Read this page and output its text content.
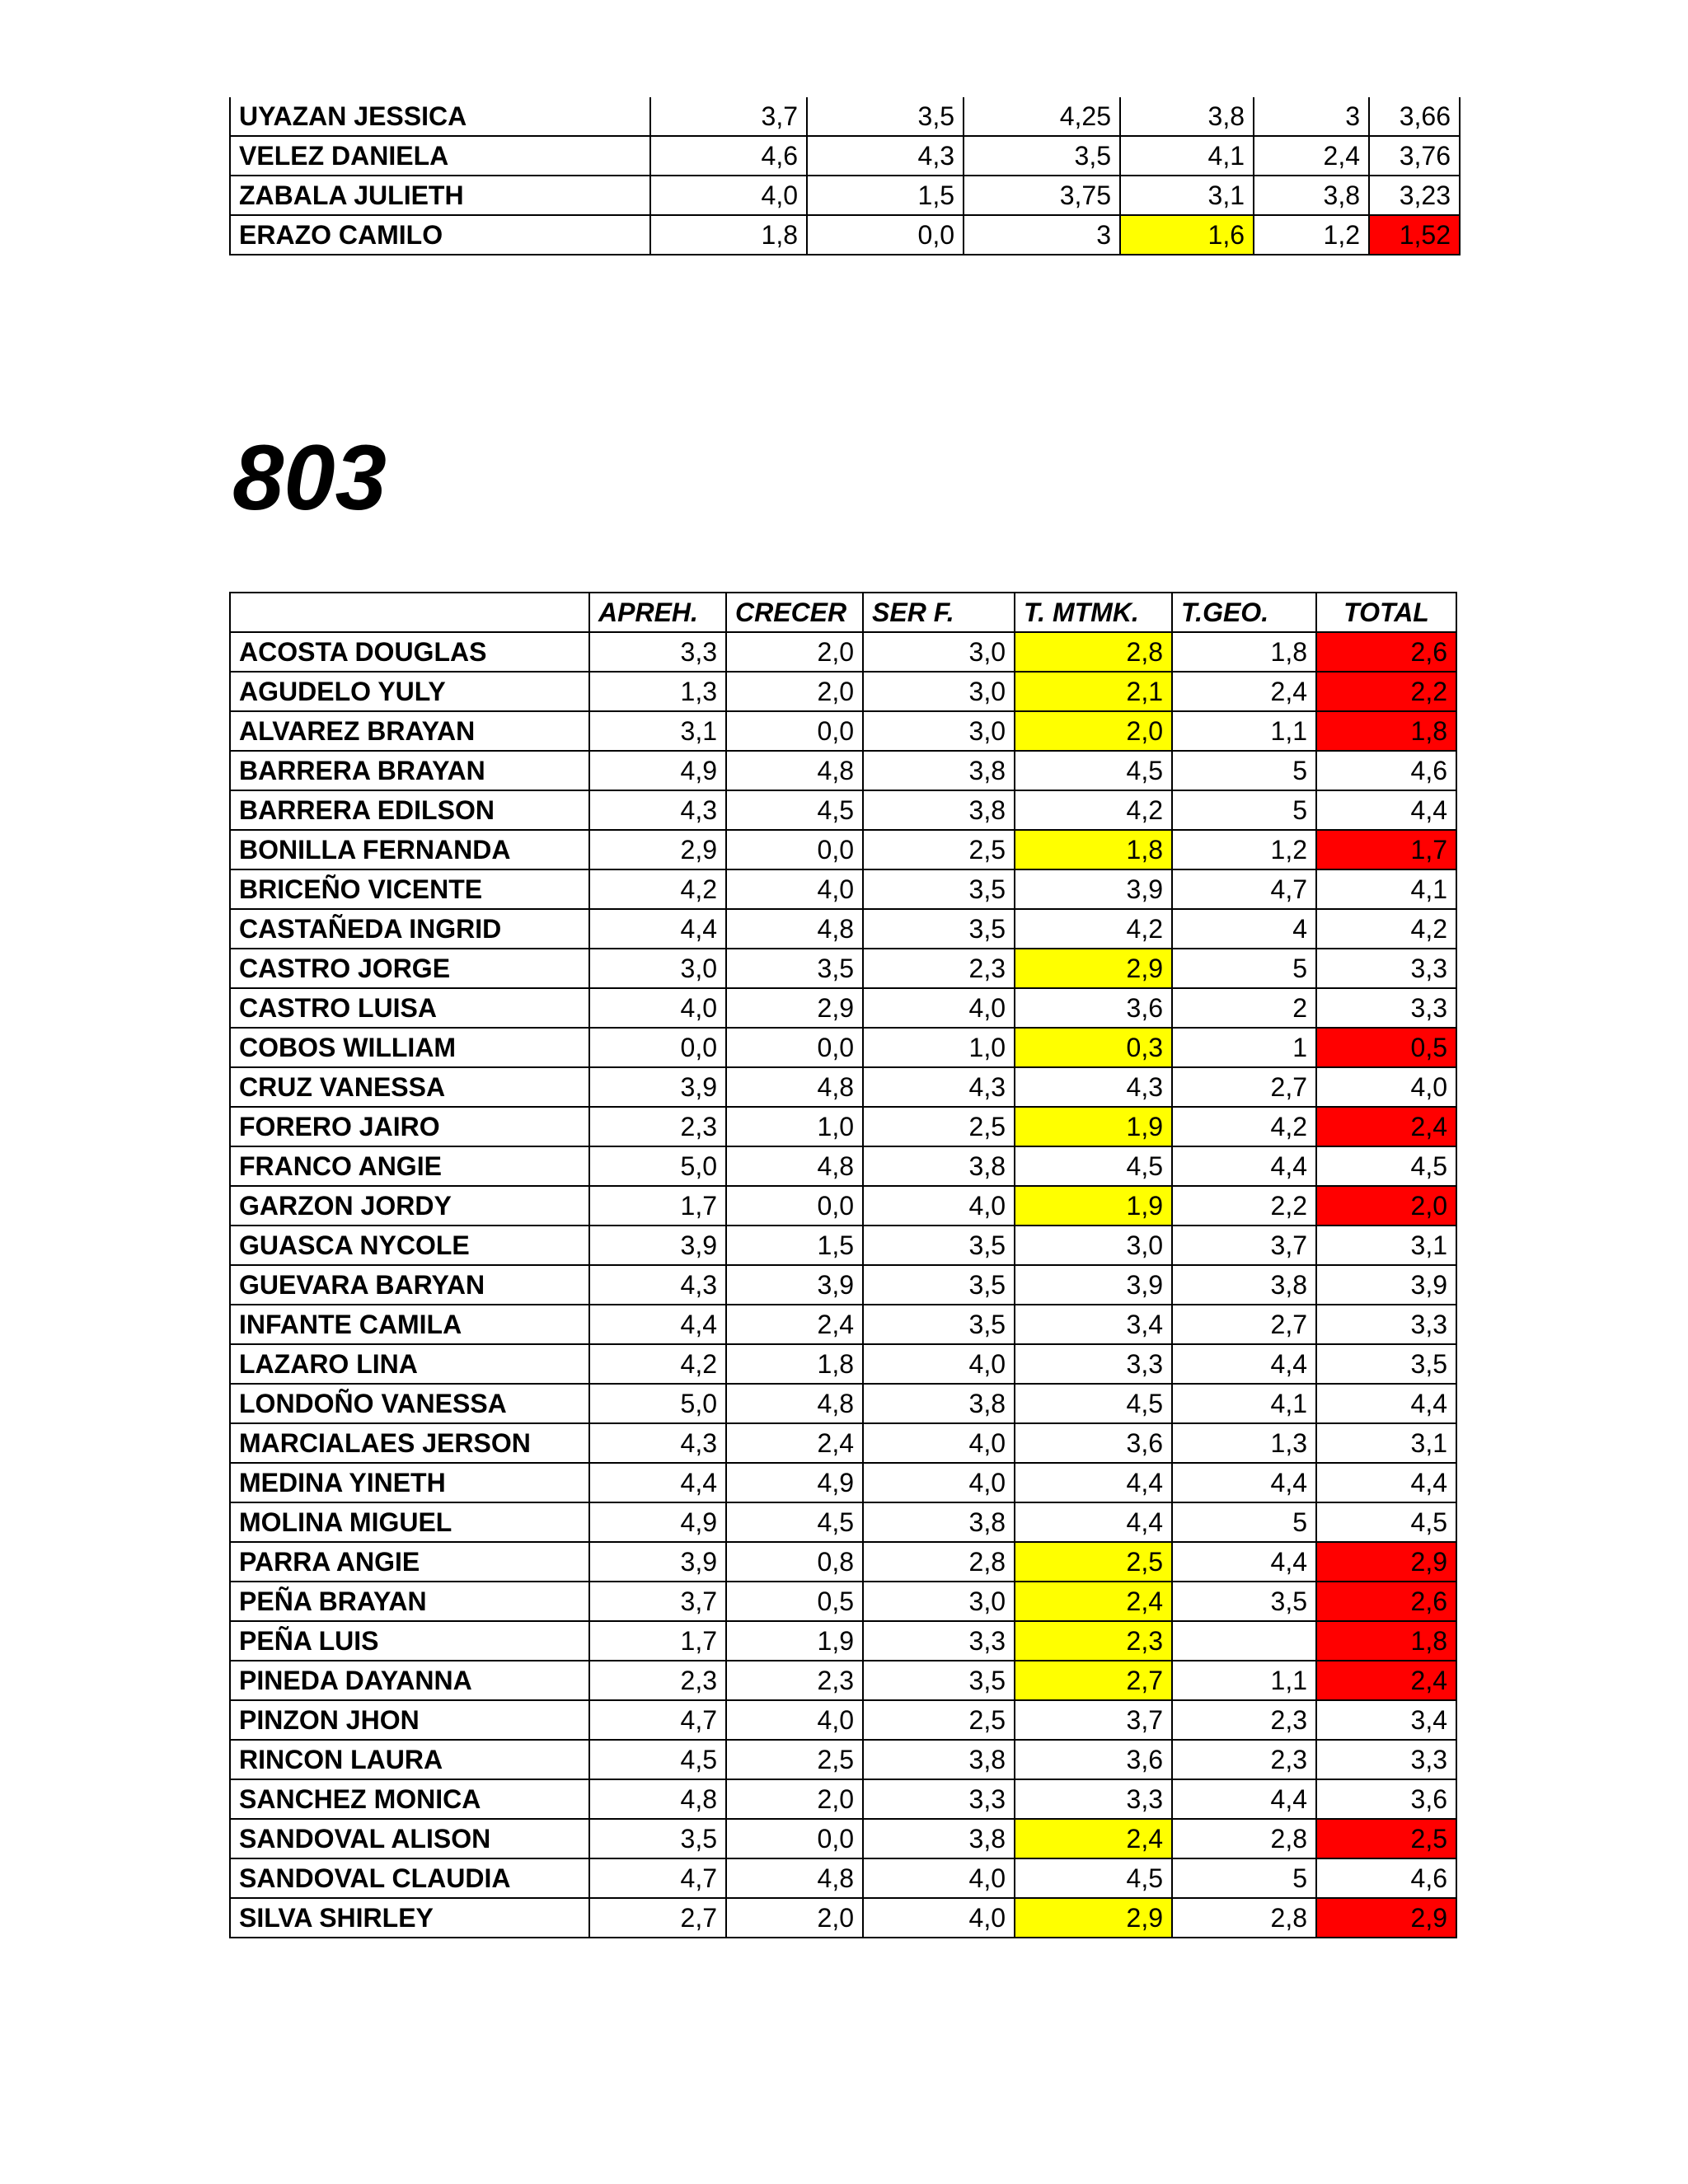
UYAZAN JESSICA	3,7	3,5	4,25	3,8	3	3,66
VELEZ DANIELA	4,6	4,3	3,5	4,1	2,4	3,76
ZABALA JULIETH	4,0	1,5	3,75	3,1	3,8	3,23
ERAZO CAMILO	1,8	0,0	3	1,6	1,2	1,52
803
	APREH.	CRECER	SER F.	T. MTMK.	T.GEO.	TOTAL
ACOSTA DOUGLAS	3,3	2,0	3,0	2,8	1,8	2,6
AGUDELO YULY	1,3	2,0	3,0	2,1	2,4	2,2
ALVAREZ BRAYAN	3,1	0,0	3,0	2,0	1,1	1,8
BARRERA BRAYAN	4,9	4,8	3,8	4,5	5	4,6
BARRERA EDILSON	4,3	4,5	3,8	4,2	5	4,4
BONILLA FERNANDA	2,9	0,0	2,5	1,8	1,2	1,7
BRICEÑO VICENTE	4,2	4,0	3,5	3,9	4,7	4,1
CASTAÑEDA INGRID	4,4	4,8	3,5	4,2	4	4,2
CASTRO JORGE	3,0	3,5	2,3	2,9	5	3,3
CASTRO LUISA	4,0	2,9	4,0	3,6	2	3,3
COBOS WILLIAM	0,0	0,0	1,0	0,3	1	0,5
CRUZ VANESSA	3,9	4,8	4,3	4,3	2,7	4,0
FORERO JAIRO	2,3	1,0	2,5	1,9	4,2	2,4
FRANCO ANGIE	5,0	4,8	3,8	4,5	4,4	4,5
GARZON JORDY	1,7	0,0	4,0	1,9	2,2	2,0
GUASCA NYCOLE	3,9	1,5	3,5	3,0	3,7	3,1
GUEVARA BARYAN	4,3	3,9	3,5	3,9	3,8	3,9
INFANTE CAMILA	4,4	2,4	3,5	3,4	2,7	3,3
LAZARO LINA	4,2	1,8	4,0	3,3	4,4	3,5
LONDOÑO VANESSA	5,0	4,8	3,8	4,5	4,1	4,4
MARCIALAES JERSON	4,3	2,4	4,0	3,6	1,3	3,1
MEDINA YINETH	4,4	4,9	4,0	4,4	4,4	4,4
MOLINA MIGUEL	4,9	4,5	3,8	4,4	5	4,5
PARRA ANGIE	3,9	0,8	2,8	2,5	4,4	2,9
PEÑA BRAYAN	3,7	0,5	3,0	2,4	3,5	2,6
PEÑA LUIS	1,7	1,9	3,3	2,3		1,8
PINEDA DAYANNA	2,3	2,3	3,5	2,7	1,1	2,4
PINZON JHON	4,7	4,0	2,5	3,7	2,3	3,4
RINCON LAURA	4,5	2,5	3,8	3,6	2,3	3,3
SANCHEZ MONICA	4,8	2,0	3,3	3,3	4,4	3,6
SANDOVAL ALISON	3,5	0,0	3,8	2,4	2,8	2,5
SANDOVAL CLAUDIA	4,7	4,8	4,0	4,5	5	4,6
SILVA SHIRLEY	2,7	2,0	4,0	2,9	2,8	2,9
